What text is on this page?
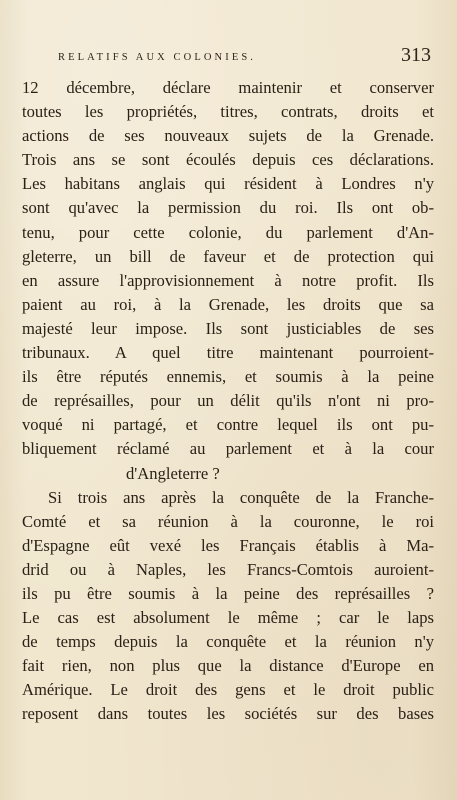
RELATIFS AUX COLONIES.	313
12 décembre, déclare maintenir et conserver
toutes les propriétés, titres, contrats, droits et
actions de ses nouveaux sujets de la Grenade.
Trois ans se sont écoulés depuis ces déclarations.
Les habitans anglais qui résident à Londres n'y
sont qu'avec la permission du roi. Ils ont ob-
tenu, pour cette colonie, du parlement d'An-
gleterre, un bill de faveur et de protection qui
en assure l'approvisionnement à notre profit. Ils
paient au roi, à la Grenade, les droits que sa
majesté leur impose. Ils sont justiciables de ses
tribunaux. A quel titre maintenant pourroient-
ils être réputés ennemis, et soumis à la peine
de représailles, pour un délit qu'ils n'ont ni pro-
voqué ni partagé, et contre lequel ils ont pu-
bliquement réclamé au parlement et à la cour
d'Angleterre ?
Si trois ans après la conquête de la Franche-
Comté et sa réunion à la couronne, le roi
d'Espagne eût vexé les Français établis à Ma-
drid ou à Naples, les Francs-Comtois auroient-
ils pu être soumis à la peine des représailles ?
Le cas est absolument le même ; car le laps
de temps depuis la conquête et la réunion n'y
fait rien, non plus que la distance d'Europe en
Amérique. Le droit des gens et le droit public
reposent dans toutes les sociétés sur des bases
